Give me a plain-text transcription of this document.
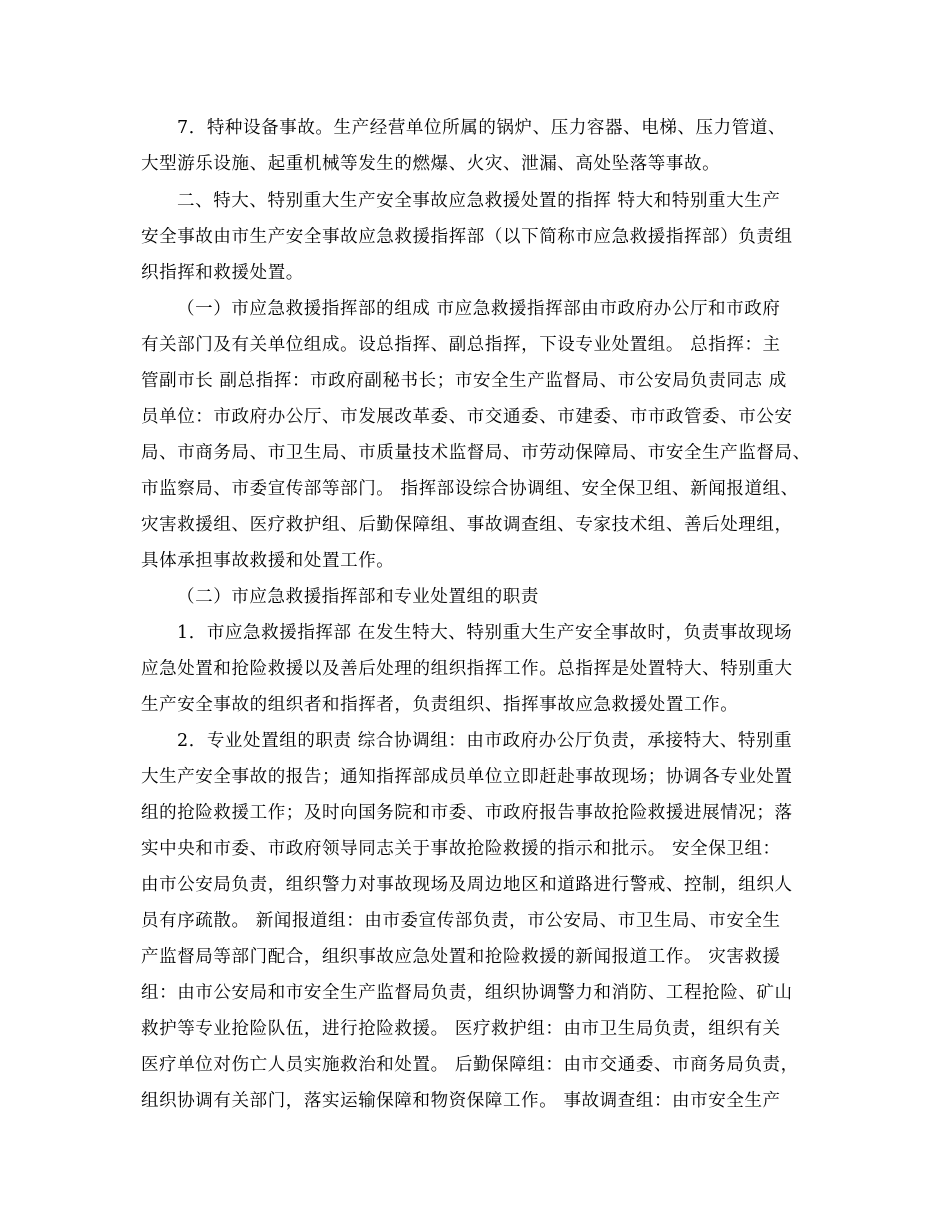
7．特种设备事故。生产经营单位所属的锅炉、压力容器、电梯、压力管道、
大型游乐设施、起重机械等发生的燃爆、火灾、泄漏、高处坠落等事故。
二、特大、特别重大生产安全事故应急救援处置的指挥 特大和特别重大生产
安全事故由市生产安全事故应急救援指挥部（以下简称市应急救援指挥部）负责组
织指挥和救援处置。
（一）市应急救援指挥部的组成 市应急救援指挥部由市政府办公厅和市政府
有关部门及有关单位组成。设总指挥、副总指挥，下设专业处置组。 总指挥：主
管副市长 副总指挥：市政府副秘书长；市安全生产监督局、市公安局负责同志 成
员单位：市政府办公厅、市发展改革委、市交通委、市建委、市市政管委、市公安
局、市商务局、市卫生局、市质量技术监督局、市劳动保障局、市安全生产监督局、
市监察局、市委宣传部等部门。 指挥部设综合协调组、安全保卫组、新闻报道组、
灾害救援组、医疗救护组、后勤保障组、事故调查组、专家技术组、善后处理组，
具体承担事故救援和处置工作。
（二）市应急救援指挥部和专业处置组的职责
1．市应急救援指挥部 在发生特大、特别重大生产安全事故时，负责事故现场
应急处置和抢险救援以及善后处理的组织指挥工作。总指挥是处置特大、特别重大
生产安全事故的组织者和指挥者，负责组织、指挥事故应急救援处置工作。
2．专业处置组的职责 综合协调组：由市政府办公厅负责，承接特大、特别重
大生产安全事故的报告；通知指挥部成员单位立即赶赴事故现场；协调各专业处置
组的抢险救援工作；及时向国务院和市委、市政府报告事故抢险救援进展情况；落
实中央和市委、市政府领导同志关于事故抢险救援的指示和批示。 安全保卫组：
由市公安局负责，组织警力对事故现场及周边地区和道路进行警戒、控制，组织人
员有序疏散。 新闻报道组：由市委宣传部负责，市公安局、市卫生局、市安全生
产监督局等部门配合，组织事故应急处置和抢险救援的新闻报道工作。 灾害救援
组：由市公安局和市安全生产监督局负责，组织协调警力和消防、工程抢险、矿山
救护等专业抢险队伍，进行抢险救援。 医疗救护组：由市卫生局负责，组织有关
医疗单位对伤亡人员实施救治和处置。 后勤保障组：由市交通委、市商务局负责，
组织协调有关部门，落实运输保障和物资保障工作。 事故调查组：由市安全生产
